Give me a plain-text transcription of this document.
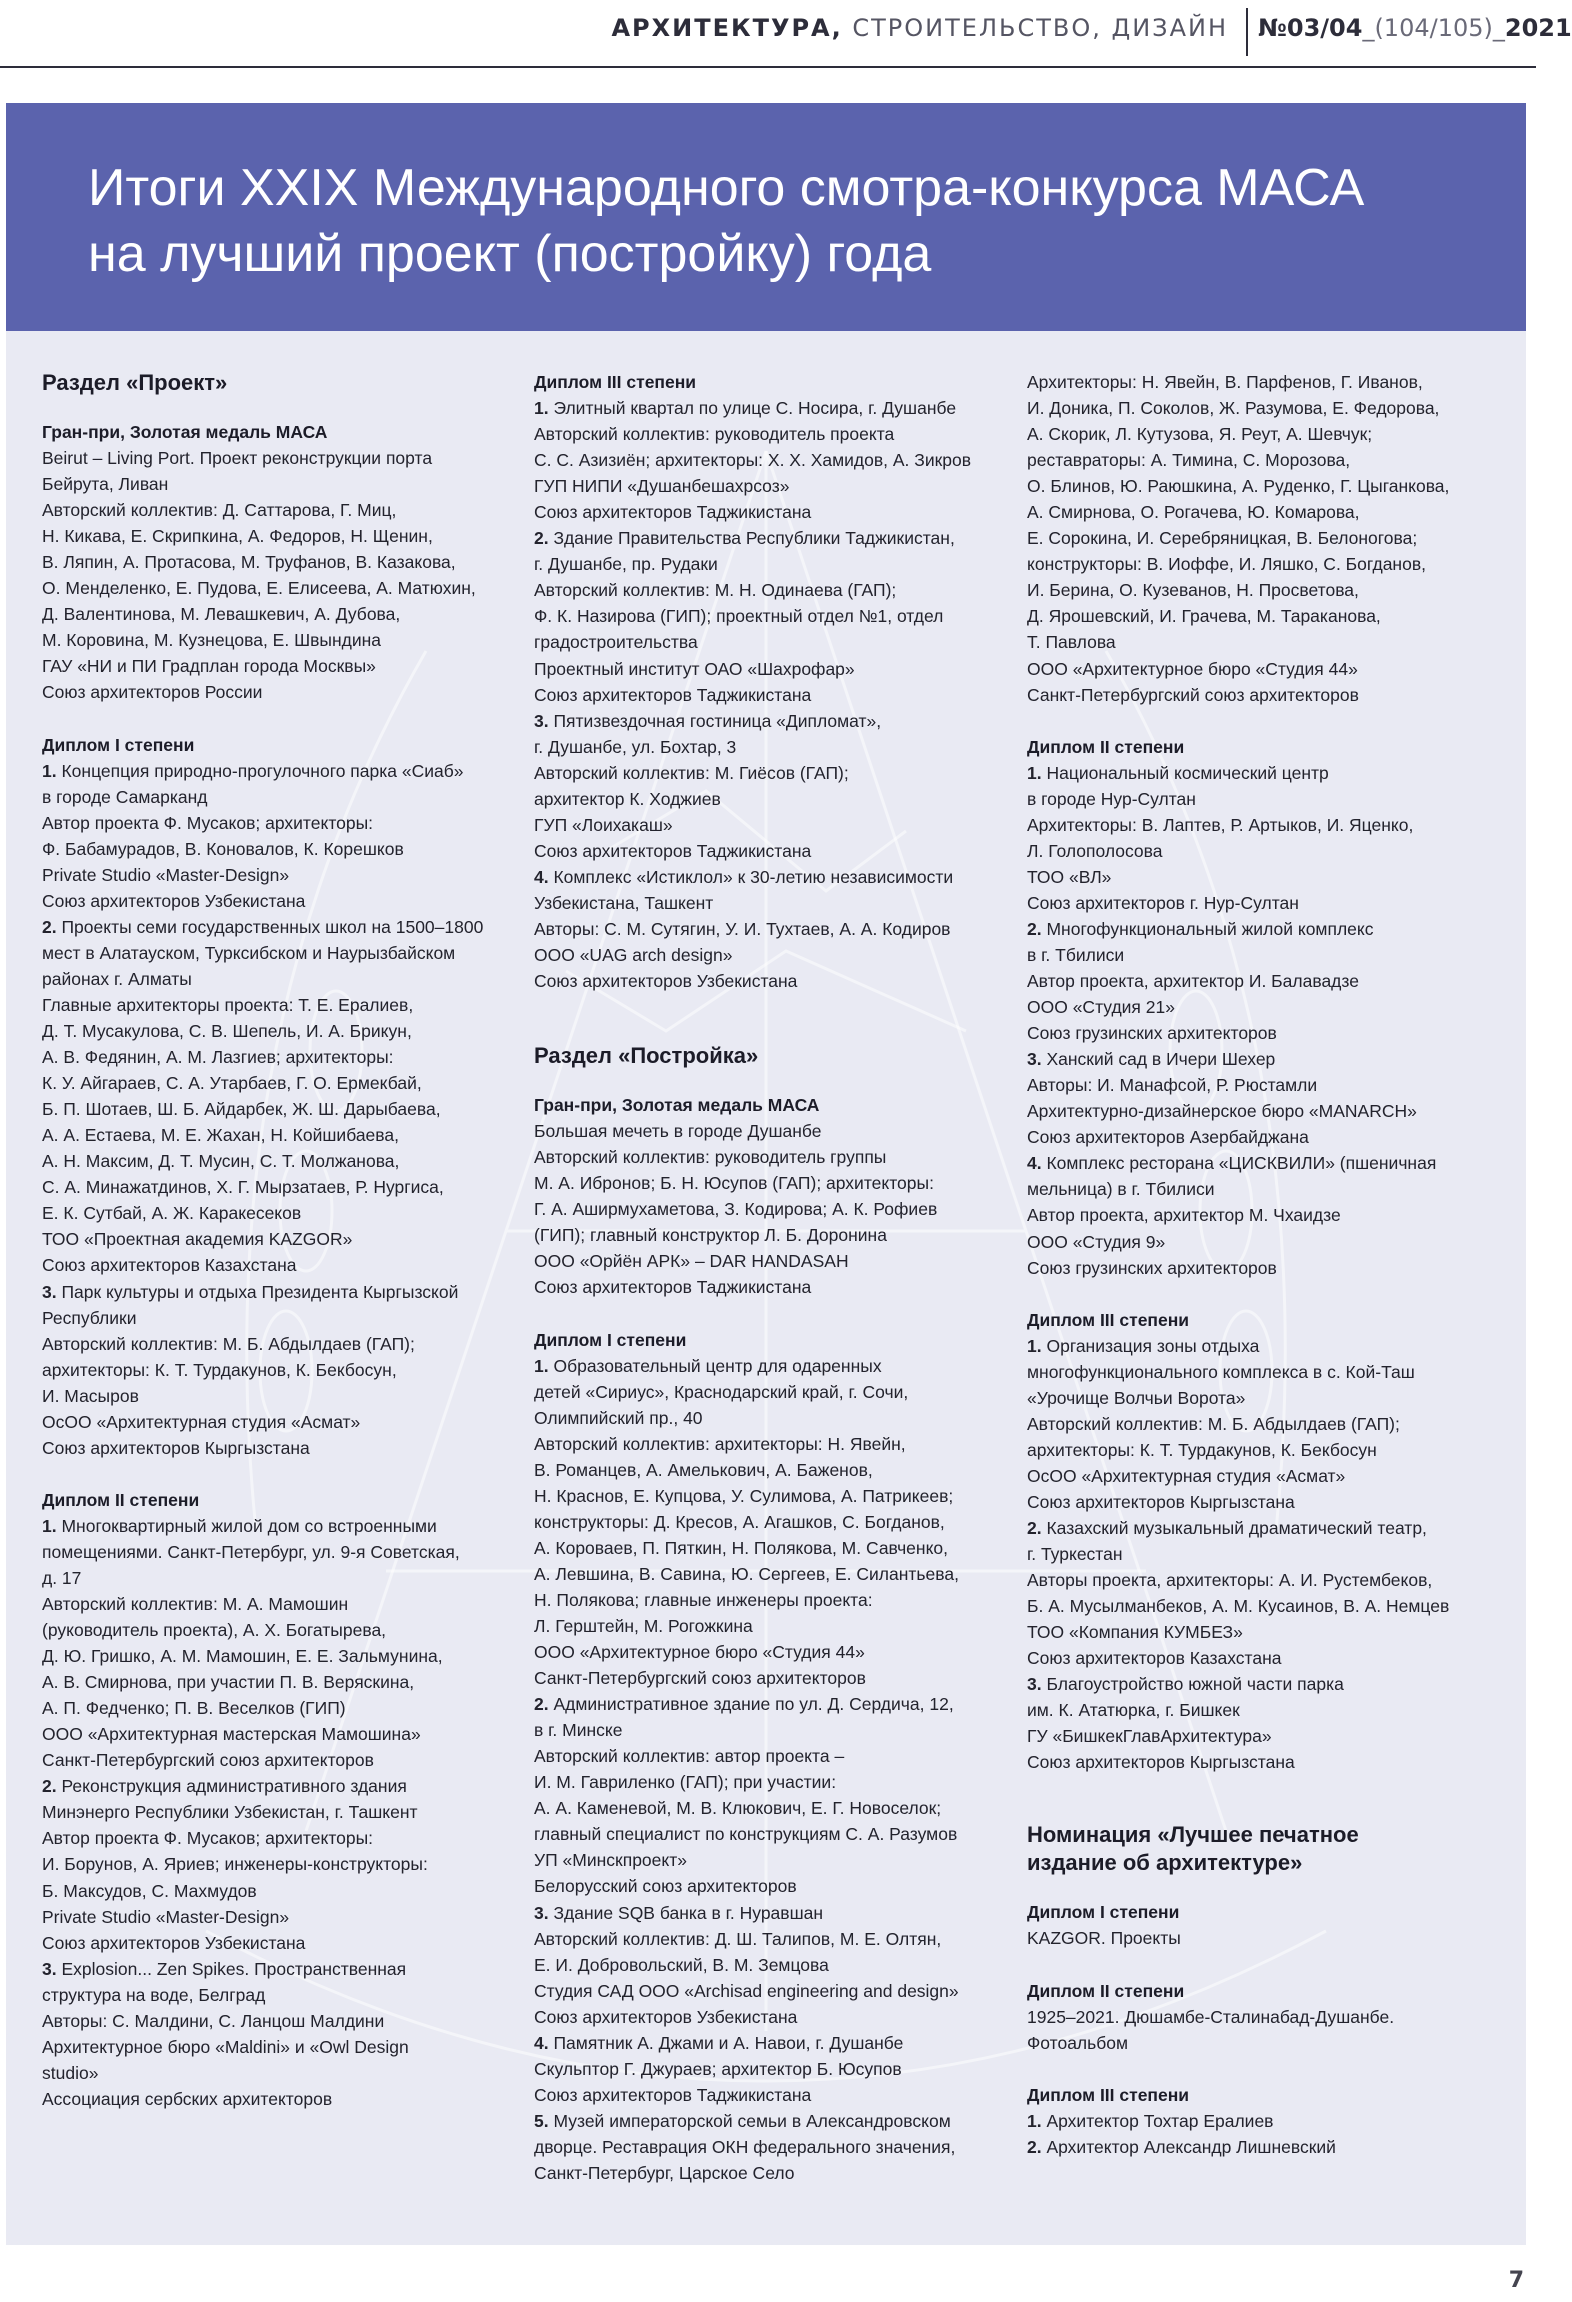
АРХИТЕКТУРА, СТРОИТЕЛЬСТВО, ДИЗАЙН №03/04_(104/105)_2021
Итоги XXIX Международного смотра-конкурса МАСА
на лучший проект (постройку) года
Раздел «Проект»
Гран-при, Золотая медаль МАСА
Beirut – Living Port. Проект реконструкции порта
Бейрута, Ливан
Авторский коллектив: Д. Саттарова, Г. Миц,
Н. Кикава, Е. Скрипкина, А. Федоров, Н. Щенин,
В. Ляпин, А. Протасова, М. Труфанов, В. Казакова,
О. Менделенко, Е. Пудова, Е. Елисеева, А. Матюхин,
Д. Валентинова, М. Левашкевич, А. Дубова,
М. Коровина, М. Кузнецова, Е. Швындина
ГАУ «НИ и ПИ Градплан города Москвы»
Союз архитекторов России
Диплом I степени
1. Концепция природно-прогулочного парка «Сиаб»
в городе Самарканд
Автор проекта Ф. Мусаков; архитекторы:
Ф. Бабамурадов, В. Коновалов, К. Корешков
Private Studio «Master-Design»
Союз архитекторов Узбекистана
2. Проекты семи государственных школ на 1500–1800
мест в Алатауском, Турксибском и Наурызбайском
районах г. Алматы
Главные архитекторы проекта: Т. Е. Ералиев,
Д. Т. Мусакулова, С. В. Шепель, И. А. Брикун,
А. В. Федянин, А. М. Лазгиев; архитекторы:
К. У. Айгараев, С. А. Утарбаев, Г. О. Ермекбай,
Б. П. Шотаев, Ш. Б. Айдарбек, Ж. Ш. Дарыбаева,
А. А. Естаева, М. Е. Жахан, Н. Койшибаева,
А. Н. Максим, Д. Т. Мусин, С. Т. Молжанова,
С. А. Минажатдинов, Х. Г. Мырзатаев, Р. Нургиса,
Е. К. Сутбай, А. Ж. Каракесеков
ТОО «Проектная академия KAZGOR»
Союз архитекторов Казахстана
3. Парк культуры и отдыха Президента Кыргызской
Республики
Авторский коллектив: М. Б. Абдылдаев (ГАП);
архитекторы: К. Т. Турдакунов, К. Бекбосун,
И. Масыров
ОсОО «Архитектурная студия «Асмат»
Союз архитекторов Кыргызстана
Диплом II степени
1. Многоквартирный жилой дом со встроенными
помещениями. Санкт-Петербург, ул. 9-я Советская,
д. 17
Авторский коллектив: М. А. Мамошин
(руководитель проекта), А. Х. Богатырева,
Д. Ю. Гришко, А. М. Мамошин, Е. Е. Зальмунина,
А. В. Смирнова, при участии П. В. Веряскина,
А. П. Федченко; П. В. Веселков (ГИП)
ООО «Архитектурная мастерская Мамошина»
Санкт-Петербургский союз архитекторов
2. Реконструкция административного здания
Минэнерго Республики Узбекистан, г. Ташкент
Автор проекта Ф. Мусаков; архитекторы:
И. Борунов, А. Яриев; инженеры-конструкторы:
Б. Максудов, С. Махмудов
Private Studio «Master-Design»
Союз архитекторов Узбекистана
3. Explosion... Zen Spikes. Пространственная
структура на воде, Белград
Авторы: С. Малдини, С. Ланцош Малдини
Архитектурное бюро «Maldini» и «Owl Design
studio»
Ассоциация сербских архитекторов
Диплом III степени
1. Элитный квартал по улице С. Носира, г. Душанбе
Авторский коллектив: руководитель проекта
С. С. Азизиён; архитекторы: Х. Х. Хамидов, А. Зикров
ГУП НИПИ «Душанбешахрсоз»
Союз архитекторов Таджикистана
2. Здание Правительства Республики Таджикистан,
г. Душанбе, пр. Рудаки
Авторский коллектив: М. Н. Одинаева (ГАП);
Ф. К. Назирова (ГИП); проектный отдел №1, отдел
градостроительства
Проектный институт ОАО «Шахрофар»
Союз архитекторов Таджикистана
3. Пятизвездочная гостиница «Дипломат»,
г. Душанбе, ул. Бохтар, 3
Авторский коллектив: М. Гиёсов (ГАП);
архитектор К. Ходжиев
ГУП «Лоихакаш»
Союз архитекторов Таджикистана
4. Комплекс «Истиклол» к 30-летию независимости
Узбекистана, Ташкент
Авторы: С. М. Сутягин, У. И. Тухтаев, А. А. Кодиров
ООО «UAG arch design»
Союз архитекторов Узбекистана
Раздел «Постройка»
Гран-при, Золотая медаль МАСА
Большая мечеть в городе Душанбе
Авторский коллектив: руководитель группы
М. А. Ибронов; Б. Н. Юсупов (ГАП); архитекторы:
Г. А. Аширмухаметова, З. Кодирова; А. К. Рофиев
(ГИП); главный конструктор Л. Б. Доронина
ООО «Орйён АРК» – DAR HANDASAH
Союз архитекторов Таджикистана
Диплом I степени
1. Образовательный центр для одаренных
детей «Сириус», Краснодарский край, г. Сочи,
Олимпийский пр., 40
Авторский коллектив: архитекторы: Н. Явейн,
В. Романцев, А. Амелькович, А. Баженов,
Н. Краснов, Е. Купцова, У. Сулимова, А. Патрикеев;
конструкторы: Д. Кресов, А. Агашков, С. Богданов,
А. Короваев, П. Пяткин, Н. Полякова, М. Савченко,
А. Левшина, В. Савина, Ю. Сергеев, Е. Силантьева,
Н. Полякова; главные инженеры проекта:
Л. Герштейн, М. Рогожкина
ООО «Архитектурное бюро «Студия 44»
Санкт-Петербургский союз архитекторов
2. Административное здание по ул. Д. Сердича, 12,
в г. Минске
Авторский коллектив: автор проекта –
И. М. Гавриленко (ГАП); при участии:
А. А. Каменевой, М. В. Клюкович, Е. Г. Новоселок;
главный специалист по конструкциям С. А. Разумов
УП «Минскпроект»
Белорусский союз архитекторов
3. Здание SQB банка в г. Нуравшан
Авторский коллектив: Д. Ш. Талипов, М. Е. Олтян,
Е. И. Добровольский, В. М. Земцова
Студия САД ООО «Archisad engineering and design»
Союз архитекторов Узбекистана
4. Памятник А. Джами и А. Навои, г. Душанбе
Скульптор Г. Джураев; архитектор Б. Юсупов
Союз архитекторов Таджикистана
5. Музей императорской семьи в Александровском
дворце. Реставрация ОКН федерального значения,
Санкт-Петербург, Царское Село
Архитекторы: Н. Явейн, В. Парфенов, Г. Иванов,
И. Доника, П. Соколов, Ж. Разумова, Е. Федорова,
А. Скорик, Л. Кутузова, Я. Реут, А. Шевчук;
реставраторы: А. Тимина, С. Морозова,
О. Блинов, Ю. Раюшкина, А. Руденко, Г. Цыганкова,
А. Смирнова, О. Рогачева, Ю. Комарова,
Е. Сорокина, И. Серебряницкая, В. Белоногова;
конструкторы: В. Иоффе, И. Ляшко, С. Богданов,
И. Берина, О. Кузеванов, Н. Просветова,
Д. Ярошевский, И. Грачева, М. Тараканова,
Т. Павлова
ООО «Архитектурное бюро «Студия 44»
Санкт-Петербургский союз архитекторов
Диплом II степени
1. Национальный космический центр
в городе Нур-Султан
Архитекторы: В. Лаптев, Р. Артыков, И. Яценко,
Л. Голополосова
ТОО «ВЛ»
Союз архитекторов г. Нур-Султан
2. Многофункциональный жилой комплекс
в г. Тбилиси
Автор проекта, архитектор И. Балавадзе
ООО «Студия 21»
Союз грузинских архитекторов
3. Ханский сад в Ичери Шехер
Авторы: И. Манафсой, Р. Рюстамли
Архитектурно-дизайнерское бюро «MANARCH»
Союз архитекторов Азербайджана
4. Комплекс ресторана «ЦИСКВИЛИ» (пшеничная
мельница) в г. Тбилиси
Автор проекта, архитектор М. Чхаидзе
ООО «Студия 9»
Союз грузинских архитекторов
Диплом III степени
1. Организация зоны отдыха
многофункционального комплекса в с. Кой-Таш
«Урочище Волчьи Ворота»
Авторский коллектив: М. Б. Абдылдаев (ГАП);
архитекторы: К. Т. Турдакунов, К. Бекбосун
ОсОО «Архитектурная студия «Асмат»
Союз архитекторов Кыргызстана
2. Казахский музыкальный драматический театр,
г. Туркестан
Авторы проекта, архитекторы: А. И. Рустембеков,
Б. А. Мусылманбеков, А. М. Кусаинов, В. А. Немцев
ТОО «Компания КУМБЕЗ»
Союз архитекторов Казахстана
3. Благоустройство южной части парка
им. К. Ататюрка, г. Бишкек
ГУ «БишкекГлавАрхитектура»
Союз архитекторов Кыргызстана
Номинация «Лучшее печатное
издание об архитектуре»
Диплом I степени
KAZGOR. Проекты
Диплом II степени
1925–2021. Дюшамбе-Сталинабад-Душанбе.
Фотоальбом
Диплом III степени
1. Архитектор Тохтар Ералиев
2. Архитектор Александр Лишневский
7
